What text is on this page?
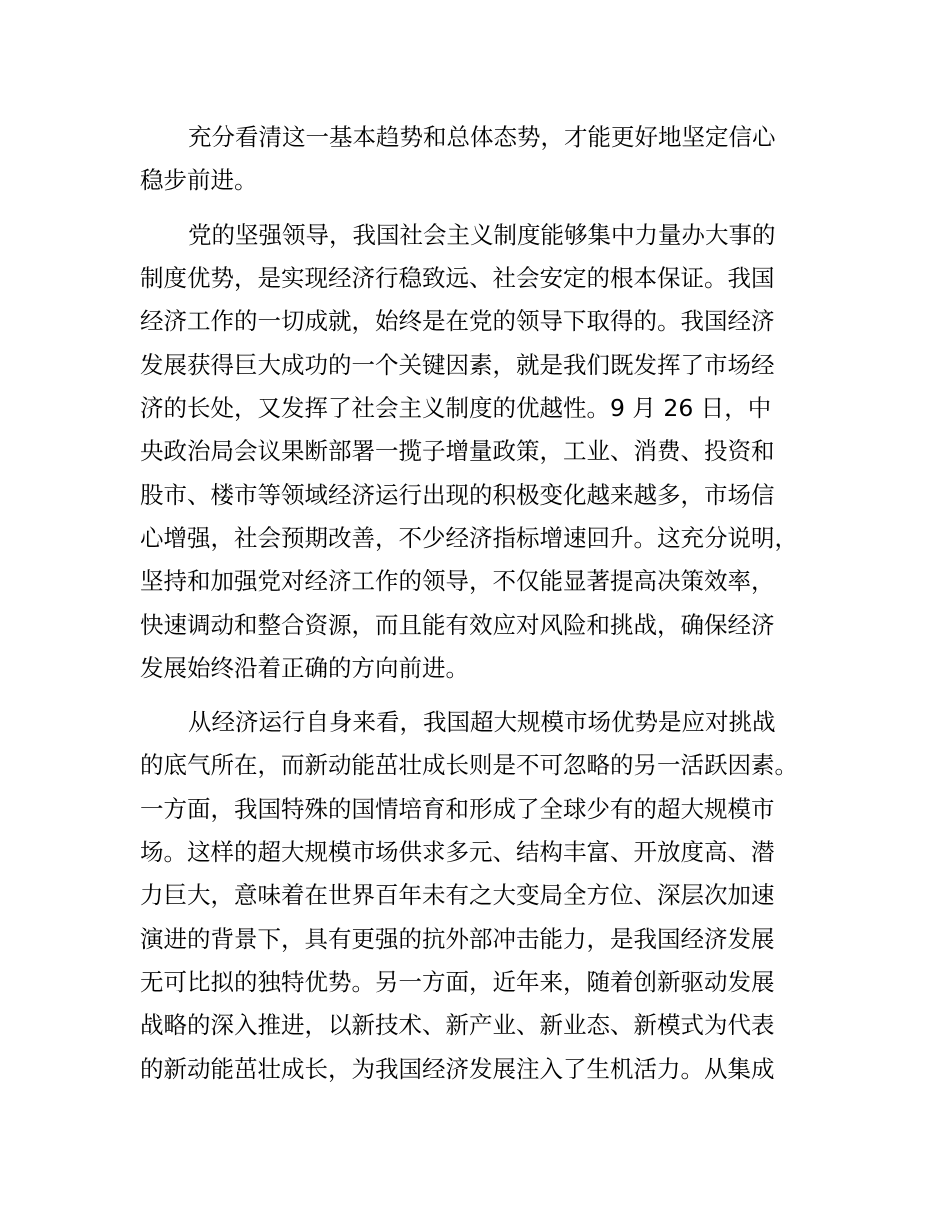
充分看清这一基本趋势和总体态势，才能更好地坚定信心
稳步前进。
党的坚强领导，我国社会主义制度能够集中力量办大事的
制度优势，是实现经济行稳致远、社会安定的根本保证。我国
经济工作的一切成就，始终是在党的领导下取得的。我国经济
发展获得巨大成功的一个关键因素，就是我们既发挥了市场经
济的长处，又发挥了社会主义制度的优越性。9 月 26 日，中
央政治局会议果断部署一揽子增量政策，工业、消费、投资和
股市、楼市等领域经济运行出现的积极变化越来越多，市场信
心增强，社会预期改善，不少经济指标增速回升。这充分说明，
坚持和加强党对经济工作的领导，不仅能显著提高决策效率，
快速调动和整合资源，而且能有效应对风险和挑战，确保经济
发展始终沿着正确的方向前进。
从经济运行自身来看，我国超大规模市场优势是应对挑战
的底气所在，而新动能茁壮成长则是不可忽略的另一活跃因素。
一方面，我国特殊的国情培育和形成了全球少有的超大规模市
场。这样的超大规模市场供求多元、结构丰富、开放度高、潜
力巨大，意味着在世界百年未有之大变局全方位、深层次加速
演进的背景下，具有更强的抗外部冲击能力，是我国经济发展
无可比拟的独特优势。另一方面，近年来，随着创新驱动发展
战略的深入推进，以新技术、新产业、新业态、新模式为代表
的新动能茁壮成长，为我国经济发展注入了生机活力。从集成
